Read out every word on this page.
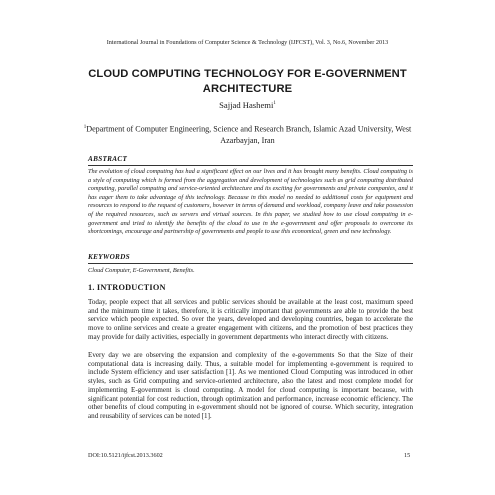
International Journal in Foundations of Computer Science & Technology (IJFCST), Vol. 3, No.6, November 2013
CLOUD COMPUTING TECHNOLOGY FOR E-GOVERNMENT ARCHITECTURE
Sajjad Hashemi$^1$
$^1$Department of Computer Engineering, Science and Research Branch, Islamic Azad University, West Azarbayjan, Iran
ABSTRACT

The evolution of cloud computing has had a significant effect on our lives and it has brought many benefits. Cloud computing is a style of computing which is formed from the aggregation and development of technologies such as grid computing distributed computing, parallel computing and service-oriented architecture and its exciting for governments and private companies, and it has eager them to take advantage of this technology. Because in this model no needed to additional costs for equipment and resources to respond to the request of customers, however in terms of demand and workload, company leave and take possession of the required resources, such as servers and virtual sources. In this paper, we studied how to use cloud computing in e-government and tried to identify the benefits of the cloud to use in the e-government and offer proposals to overcome its shortcomings, encourage and partnership of governments and people to use this economical, green and new technology.

KEYWORDS
Cloud Computer, E-Government, Benefits.
1. INTRODUCTION

Today, people expect that all services and public services should be available at the least cost, maximum speed and the minimum time it takes, therefore, it is critically important that governments are able to provide the best service which people expected. So over the years, developed and developing countries, began to accelerate the move to online services and create a greater engagement with citizens, and the promotion of best practices they may provide for daily activities, especially in government departments who interact directly with citizens.

Every day we are observing the expansion and complexity of the e-governments So that the Size of their computational data is increasing daily. Thus, a suitable model for implementing e-government is required to include System efficiency and user satisfaction [1]. As we mentioned Cloud Computing was introduced in other styles, such as Grid computing and service-oriented architecture, also the latest and most complete model for implementing E-government is cloud computing. A model for cloud computing is important because, with significant potential for cost reduction, through optimization and performance, increase economic efficiency. The other benefits of cloud computing in e-government should not be ignored of course. Which security, integration and reusability of services can be noted [1].

DOI:10.5121/ijfcst.2013.3602	15
